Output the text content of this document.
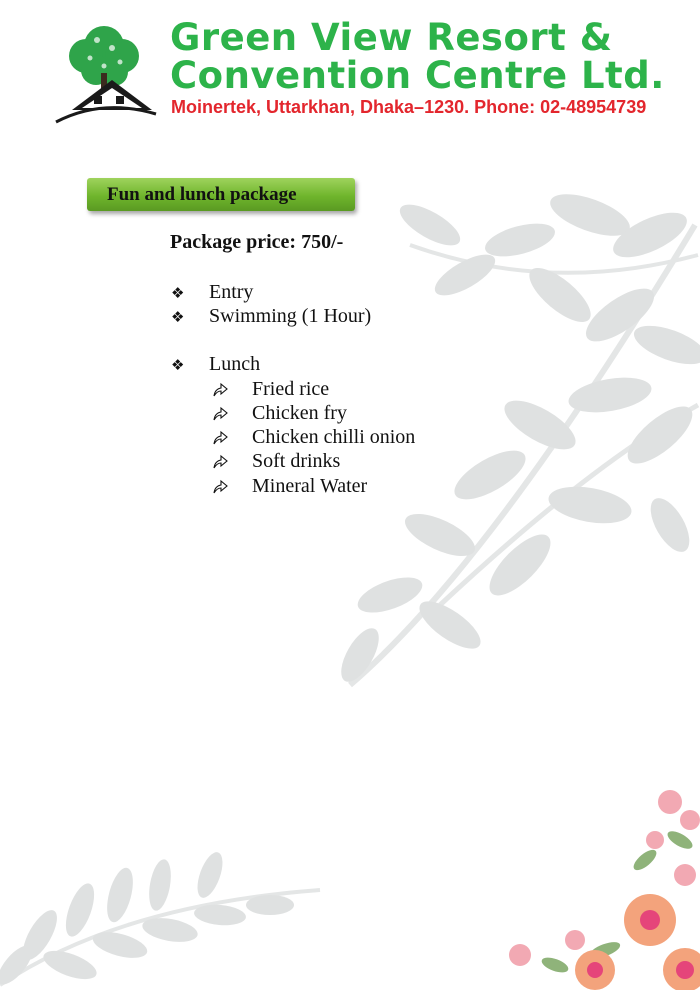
Green View Resort &
Convention Centre Ltd.
Moinertek, Uttarkhan, Dhaka–1230. Phone: 02-48954739
Fun and lunch package
Package price: 750/-
❖ Entry
❖ Swimming (1 Hour)
❖ Lunch
Fried rice
Chicken fry
Chicken chilli onion
Soft drinks
Mineral Water
